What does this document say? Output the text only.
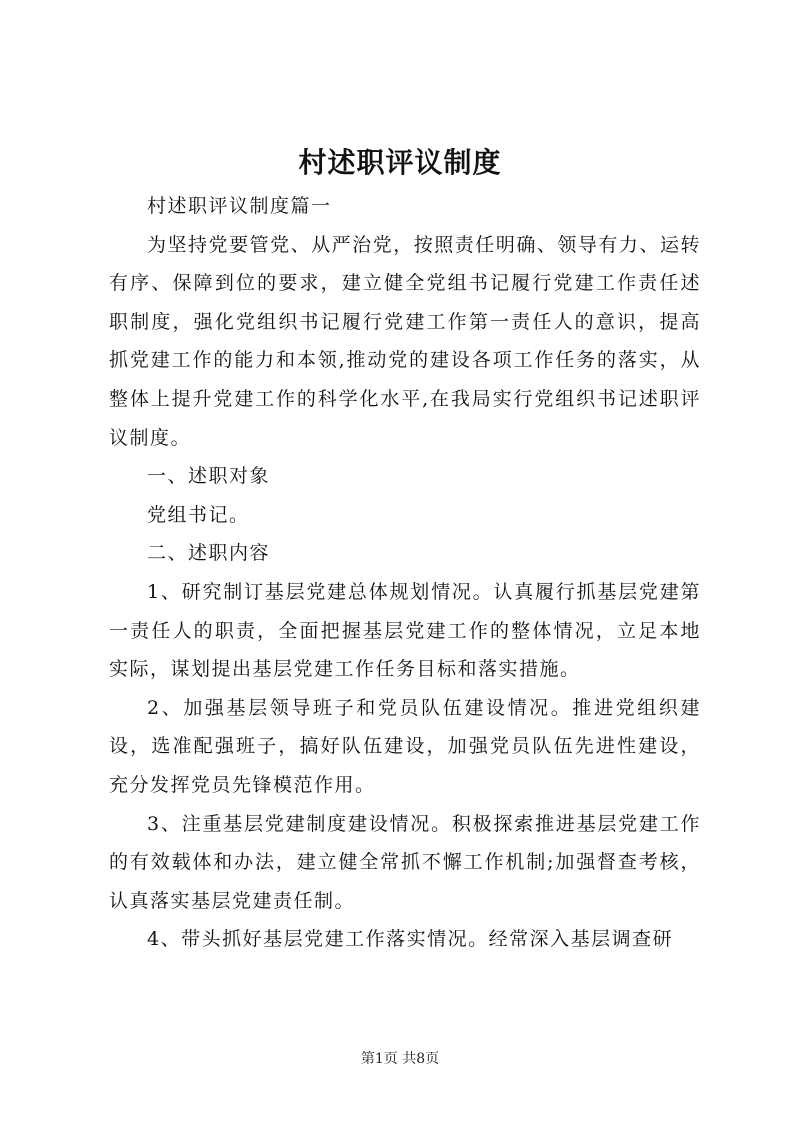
村述职评议制度

村述职评议制度篇一

为坚持党要管党、从严治党，按照责任明确、领导有力、运转有序、保障到位的要求，建立健全党组书记履行党建工作责任述职制度，强化党组织书记履行党建工作第一责任人的意识，提高抓党建工作的能力和本领,推动党的建设各项工作任务的落实，从整体上提升党建工作的科学化水平,在我局实行党组织书记述职评议制度。

一、述职对象

党组书记。

二、述职内容

1、研究制订基层党建总体规划情况。认真履行抓基层党建第一责任人的职责，全面把握基层党建工作的整体情况，立足本地实际，谋划提出基层党建工作任务目标和落实措施。

2、加强基层领导班子和党员队伍建设情况。推进党组织建设，选准配强班子，搞好队伍建设，加强党员队伍先进性建设，充分发挥党员先锋模范作用。

3、注重基层党建制度建设情况。积极探索推进基层党建工作的有效载体和办法，建立健全常抓不懈工作机制;加强督查考核，认真落实基层党建责任制。

4、带头抓好基层党建工作落实情况。经常深入基层调查研

第1页 共8页
